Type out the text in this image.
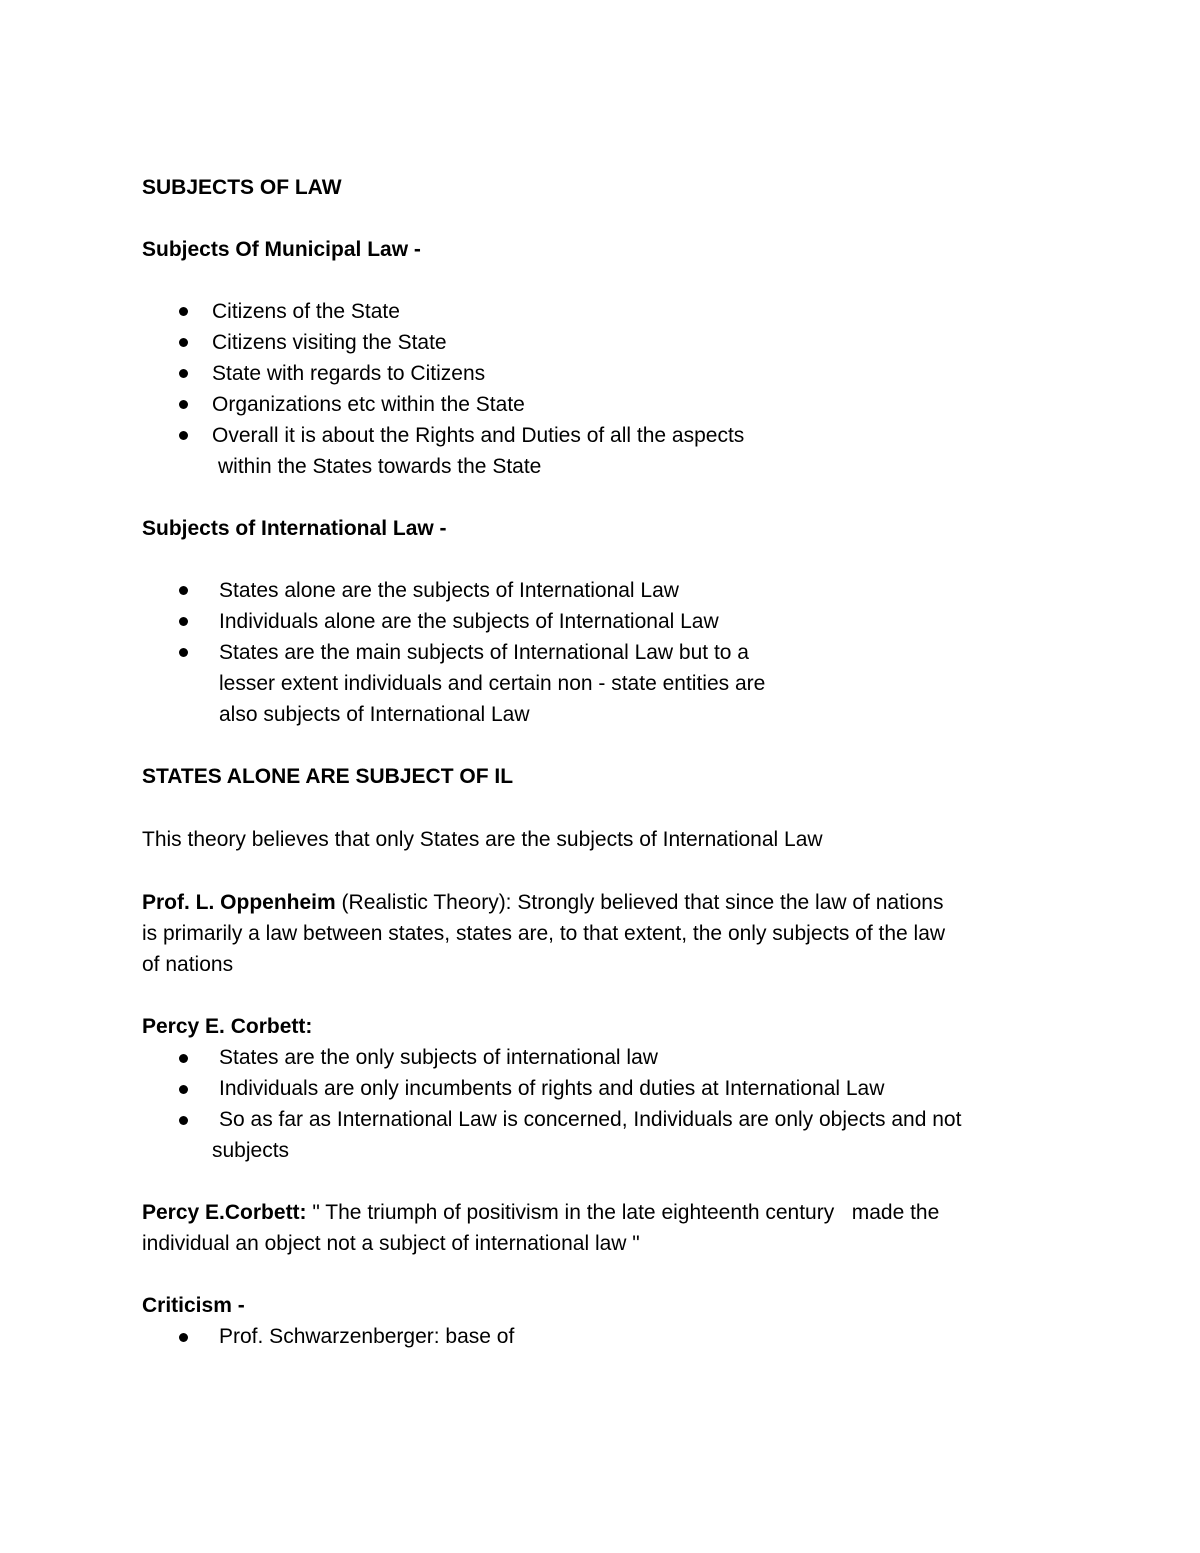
SUBJECTS OF LAW
Subjects Of Municipal Law -
Citizens of the State
Citizens visiting the State
State with regards to Citizens
Organizations etc within the State
Overall it is about the Rights and Duties of all the aspects
within the States towards the State
Subjects of International Law -
States alone are the subjects of International Law
Individuals alone are the subjects of International Law
States are the main subjects of International Law but to a
lesser extent individuals and certain non - state entities are
also subjects of International Law
STATES ALONE ARE SUBJECT OF IL
This theory believes that only States are the subjects of International Law
Prof. L. Oppenheim (Realistic Theory): Strongly believed that since the law of nations
is primarily a law between states, states are, to that extent, the only subjects of the law
of nations
Percy E. Corbett:
States are the only subjects of international law
Individuals are only incumbents of rights and duties at International Law
So as far as International Law is concerned, Individuals are only objects and not
subjects
Percy E.Corbett: " The triumph of positivism in the late eighteenth century   made the
individual an object not a subject of international law "
Criticism -
Prof. Schwarzenberger: base of
